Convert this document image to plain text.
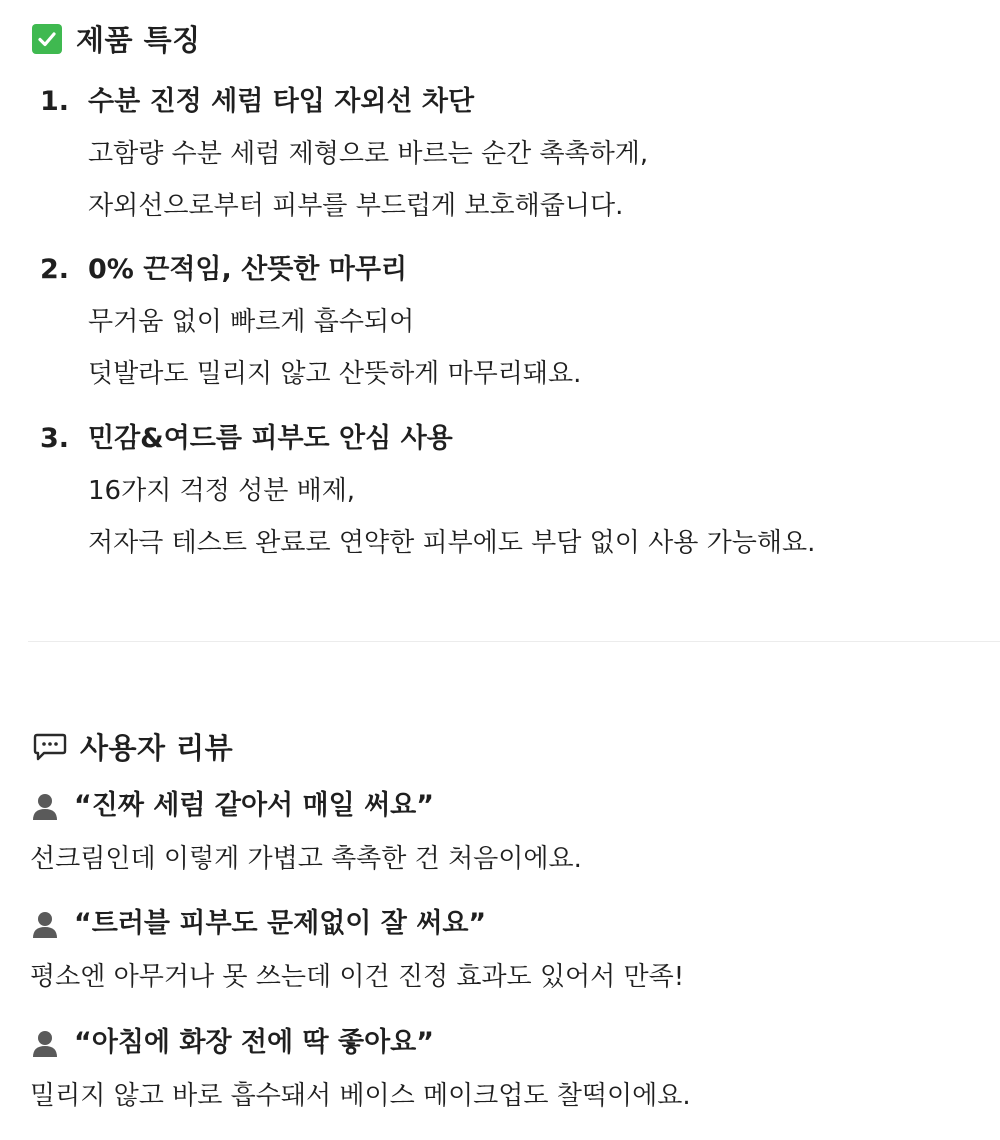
제품 특징
1. 수분 진정 세럼 타입 자외선 차단
고함량 수분 세럼 제형으로 바르는 순간 촉촉하게,
자외선으로부터 피부를 부드럽게 보호해줍니다.
2. 0% 끈적임, 산뜻한 마무리
무거움 없이 빠르게 흡수되어
덧발라도 밀리지 않고 산뜻하게 마무리돼요.
3. 민감&여드름 피부도 안심 사용
16가지 걱정 성분 배제,
저자극 테스트 완료로 연약한 피부에도 부담 없이 사용 가능해요.
사용자 리뷰
“진짜 세럼 같아서 매일 써요”
선크림인데 이렇게 가볍고 촉촉한 건 처음이에요.
“트러블 피부도 문제없이 잘 써요”
평소엔 아무거나 못 쓰는데 이건 진정 효과도 있어서 만족!
“아침에 화장 전에 딱 좋아요”
밀리지 않고 바로 흡수돼서 베이스 메이크업도 찰떡이에요.
